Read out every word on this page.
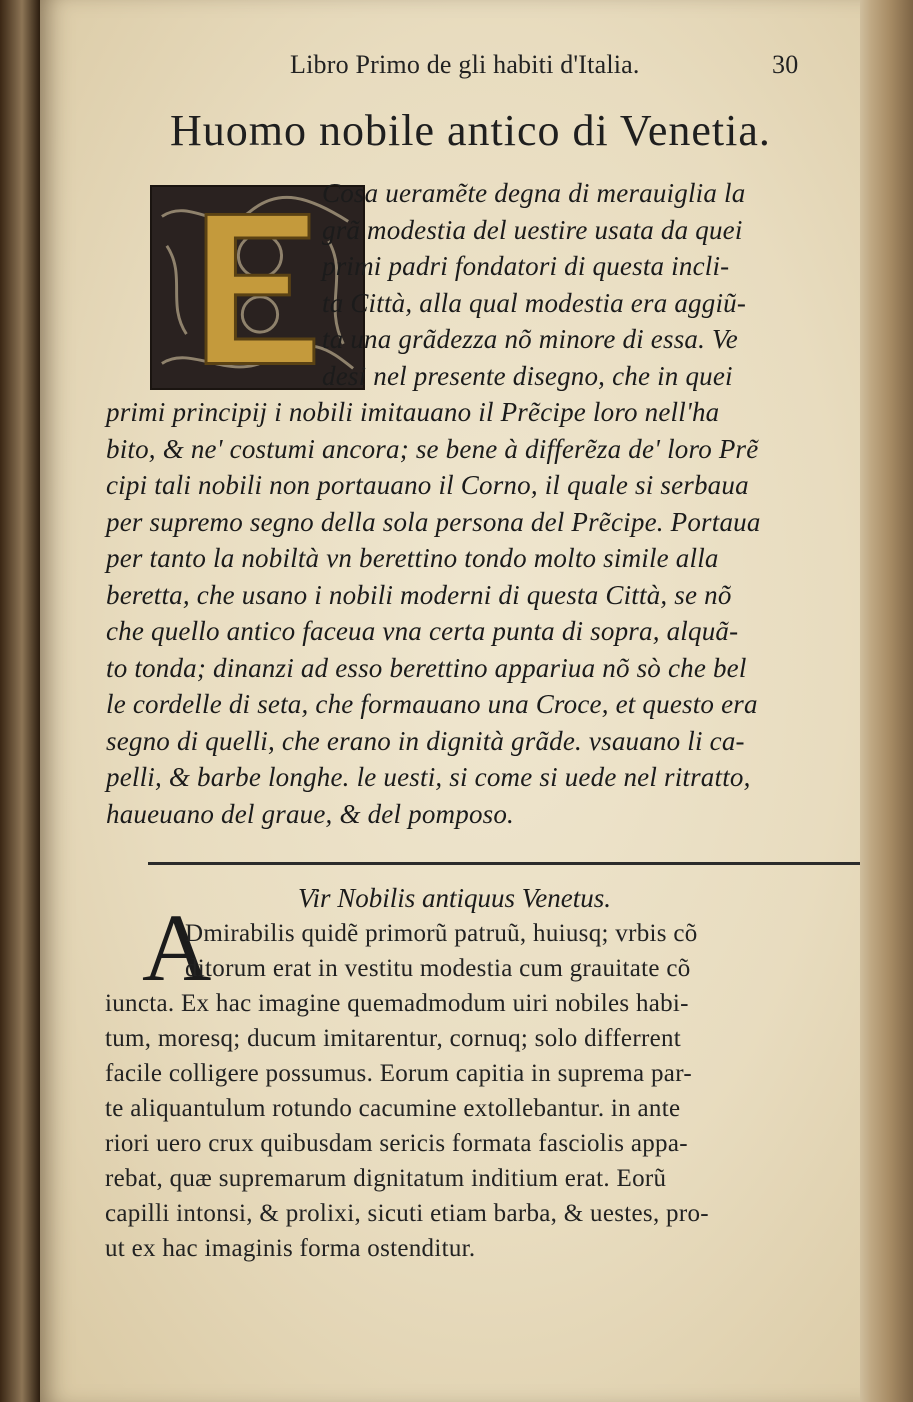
Libro Primo de gli habiti d'Italia.	30
Huomo nobile antico di Venetia.
Cosa ueramẽte degna di merauiglia la
grã modestia del uestire usata da quei
primi padri fondatori di questa incli-
ta Città, alla qual modestia era aggiũ-
ta una grãdezza nõ minore di essa. Ve
desi nel presente disegno, che in quei
primi principij i nobili imitauano il Prẽcipe loro nell'ha
bito, & ne' costumi ancora; se bene à differẽza de' loro Prẽ
cipi tali nobili non portauano il Corno, il quale si serbaua
per supremo segno della sola persona del Prẽcipe. Portaua
per tanto la nobiltà vn berettino tondo molto simile alla
beretta, che usano i nobili moderni di questa Città, se nõ
che quello antico faceua vna certa punta di sopra, alquã-
to tonda; dinanzi ad esso berettino appariua nõ sò che bel
le cordelle di seta, che formauano una Croce, et questo era
segno di quelli, che erano in dignità grãde. vsauano li ca-
pelli, & barbe longhe. le uesti, si come si uede nel ritratto,
haueuano del graue, & del pomposo.
Vir Nobilis antiquus Venetus.
A
Dmirabilis quidẽ primorũ patruũ, huiusq; vrbis cõ
ditorum erat in vestitu modestia cum grauitate cõ
iuncta. Ex hac imagine quemadmodum uiri nobiles habi-
tum, moresq; ducum imitarentur, cornuq; solo differrent
facile colligere possumus. Eorum capitia in suprema par-
te aliquantulum rotundo cacumine extollebantur. in ante
riori uero crux quibusdam sericis formata fasciolis appa-
rebat, quæ supremarum dignitatum inditium erat. Eorũ
capilli intonsi, & prolixi, sicuti etiam barba, & uestes, pro-
ut ex hac imaginis forma ostenditur.
